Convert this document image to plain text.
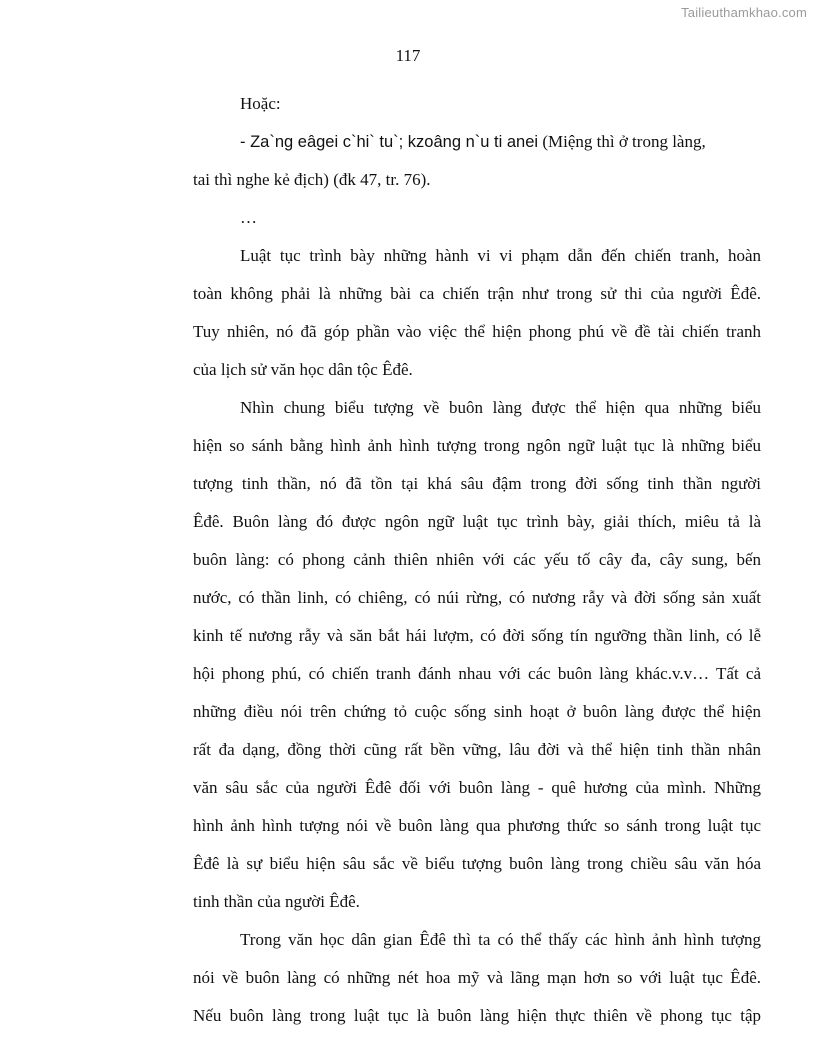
Tailieuthamkhao.com
117
Hoặc:
- Za`ng eâgei c`hi` tu`; kzoâng n`u ti anei (Miệng thì ở trong làng,
tai thì nghe kẻ địch) (đk 47, tr. 76).
…
Luật tục trình bày những hành vi vi phạm dẫn đến chiến tranh, hoàn
toàn không phải là những bài ca chiến trận như trong sử thi của người Êđê.
Tuy nhiên, nó đã góp phần vào việc thể hiện phong phú về đề tài chiến tranh
của lịch sử văn học dân tộc Êđê.
Nhìn chung biểu tượng về buôn làng được thể hiện qua những biểu
hiện so sánh bằng hình ảnh hình tượng trong ngôn ngữ luật tục là những biểu
tượng tinh thần, nó đã tồn tại khá sâu đậm trong đời sống tinh thần người
Êđê. Buôn làng đó được ngôn ngữ luật tục trình bày, giải thích, miêu tả là
buôn làng: có phong cảnh thiên nhiên với các yếu tố cây đa, cây sung, bến
nước, có thần linh, có chiêng, có núi rừng, có nương rẫy và đời sống sản xuất
kinh tế nương rẫy và săn bắt hái lượm, có đời sống tín ngưỡng thần linh, có lễ
hội phong phú, có chiến tranh đánh nhau với các buôn làng khác.v.v… Tất cả
những điều nói trên chứng tỏ cuộc sống sinh hoạt ở buôn làng được thể hiện
rất đa dạng, đồng thời cũng rất bền vững, lâu đời và thể hiện tinh thần nhân
văn sâu sắc của người Êđê đối với buôn làng - quê hương của mình. Những
hình ảnh hình tượng nói về buôn làng qua phương thức so sánh trong luật tục
Êđê là sự biểu hiện sâu sắc về biểu tượng buôn làng trong chiều sâu văn hóa
tinh thần của người Êđê.
Trong văn học dân gian Êđê thì ta có thể thấy các hình ảnh hình tượng
nói về buôn làng có những nét hoa mỹ và lãng mạn hơn so với luật tục Êđê.
Nếu buôn làng trong luật tục là buôn làng hiện thực thiên về phong tục tập
